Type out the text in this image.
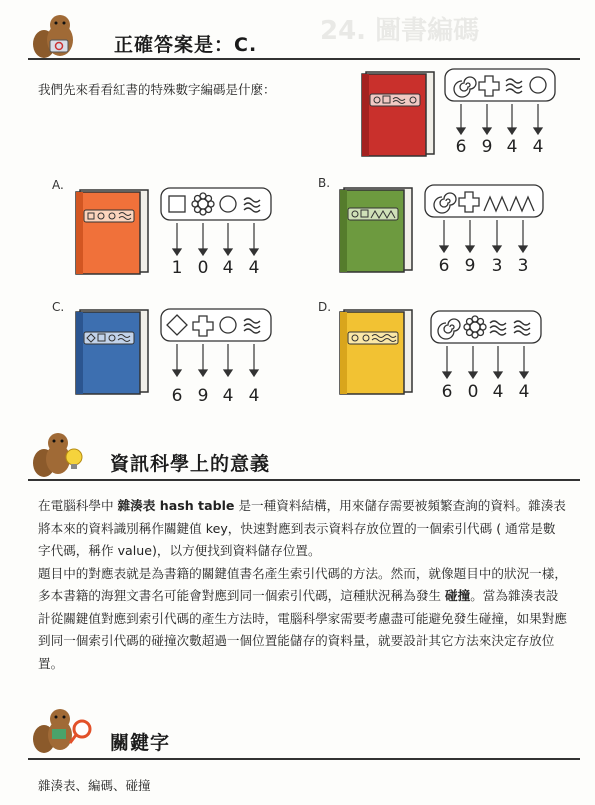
24. 圖書編碼
正確答案是：C.
我們先來看看紅書的特殊數字編碼是什麼：
6 9 4 4
A.
1 0 4 4
B.
6 9 3 3
C.
6 9 4 4
D.
6 0 4 4
資訊科學上的意義
在電腦科學中 雜湊表 hash table 是一種資料結構，用來儲存需要被頻繁查詢的資料。雜湊表將本來的資料識別稱作關鍵值 key，快速對應到表示資料存放位置的一個索引代碼 ( 通常是數字代碼，稱作 value)，以方便找到資料儲存位置。
題目中的對應表就是為書籍的關鍵值書名產生索引代碼的方法。然而，就像題目中的狀況一樣，多本書籍的海狸文書名可能會對應到同一個索引代碼，這種狀況稱為發生 碰撞。當為雜湊表設計從關鍵值對應到索引代碼的產生方法時，電腦科學家需要考慮盡可能避免發生碰撞，如果對應到同一個索引代碼的碰撞次數超過一個位置能儲存的資料量，就要設計其它方法來決定存放位置。
關鍵字
雜湊表、編碼、碰撞
